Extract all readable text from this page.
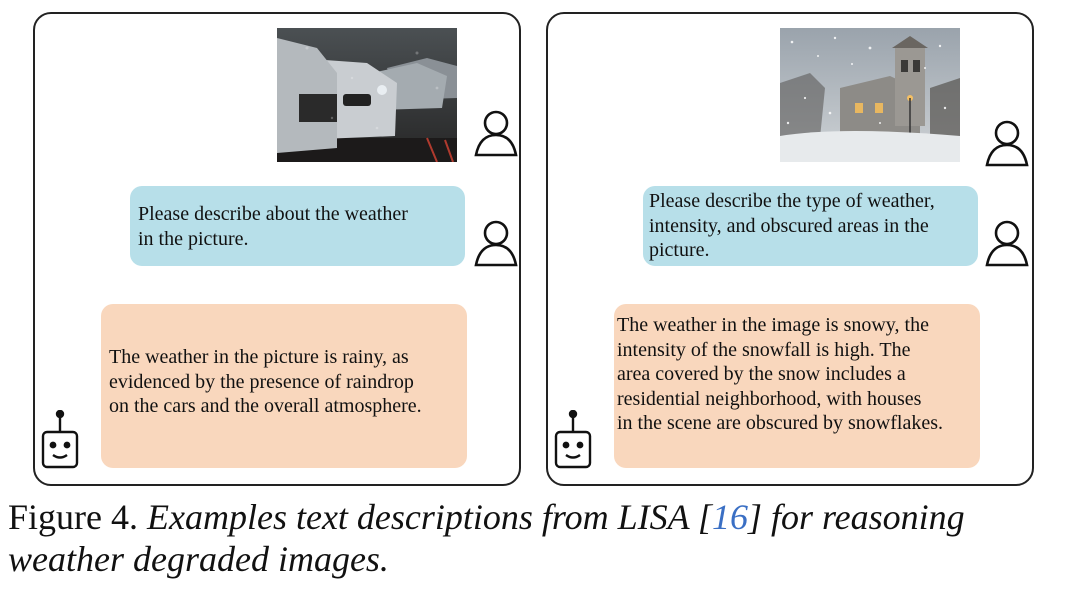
Please describe about the weather
in the picture.
The weather in the picture is rainy, as
evidenced by the presence of raindrop
on the cars and the overall atmosphere.
Please describe the type of weather,
intensity, and obscured areas in the
picture.
The weather in the image is snowy, the
intensity of the snowfall is high. The
area covered by the snow includes a
residential neighborhood, with houses
in the scene are obscured by snowflakes.
Figure 4. Examples text descriptions from LISA [16] for reasoning weather degraded images.
